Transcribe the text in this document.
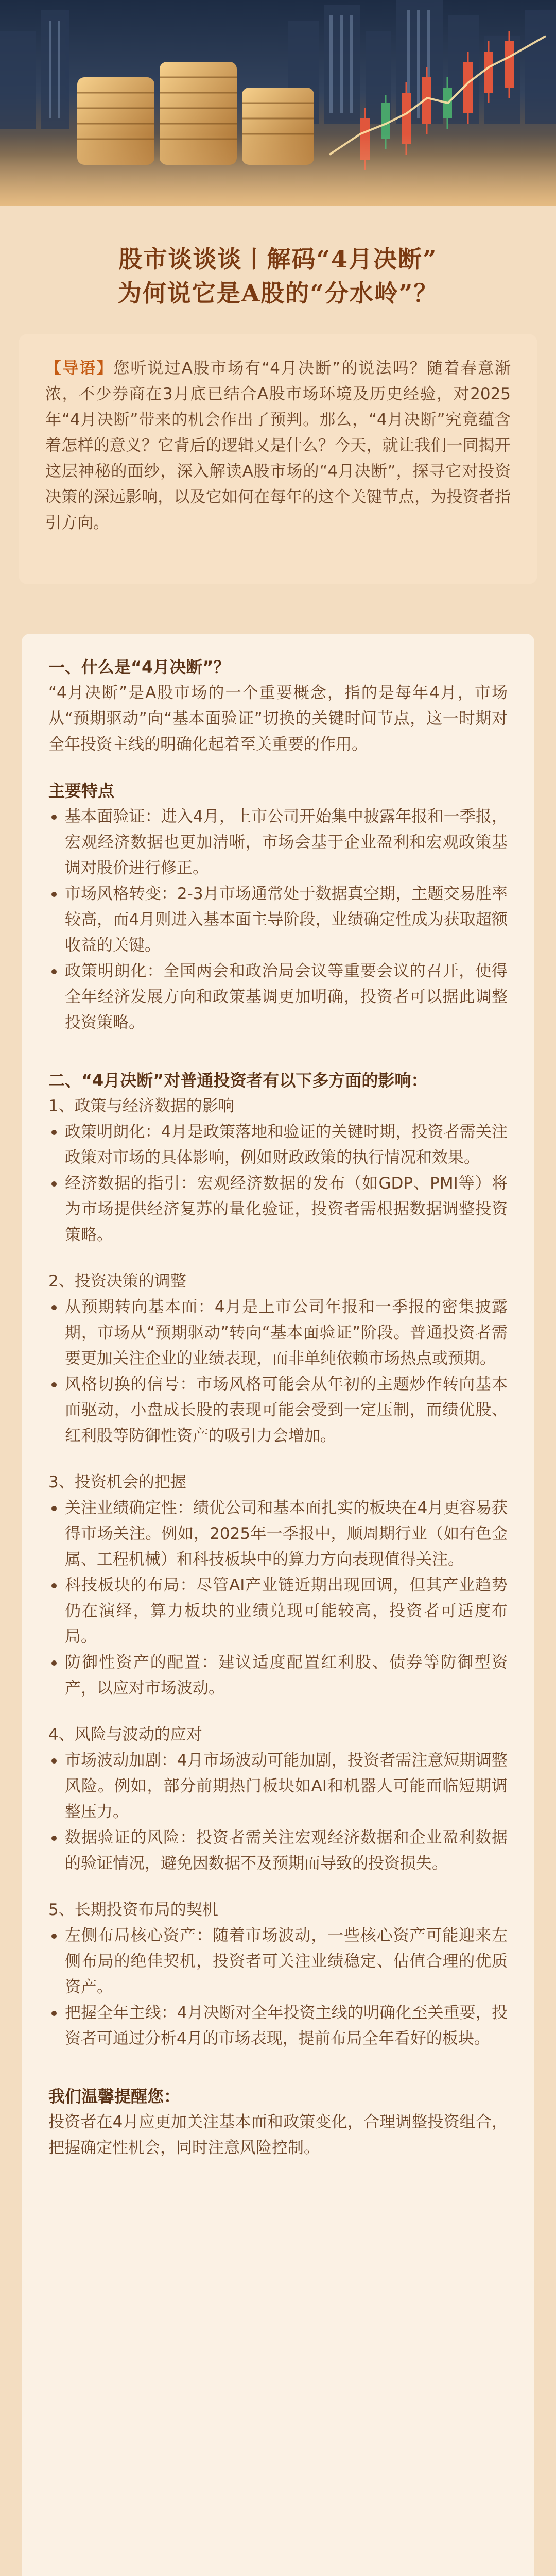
股市谈谈谈丨解码“4月决断”
为何说它是A股的“分水岭”？
【导语】您听说过A股市场有“4月决断”的说法吗？随着春意渐浓，不少券商在3月底已结合A股市场环境及历史经验，对2025年“4月决断”带来的机会作出了预判。那么，“4月决断”究竟蕴含着怎样的意义？它背后的逻辑又是什么？今天，就让我们一同揭开这层神秘的面纱，深入解读A股市场的“4月决断”，探寻它对投资决策的深远影响，以及它如何在每年的这个关键节点，为投资者指引方向。
一、什么是“4月决断”？
“4月决断”是A股市场的一个重要概念，指的是每年4月，市场从“预期驱动”向“基本面验证”切换的关键时间节点，这一时期对全年投资主线的明确化起着至关重要的作用。
主要特点
基本面验证：进入4月，上市公司开始集中披露年报和一季报，宏观经济数据也更加清晰，市场会基于企业盈利和宏观政策基调对股价进行修正。
市场风格转变：2-3月市场通常处于数据真空期，主题交易胜率较高，而4月则进入基本面主导阶段，业绩确定性成为获取超额收益的关键。
政策明朗化：全国两会和政治局会议等重要会议的召开，使得全年经济发展方向和政策基调更加明确，投资者可以据此调整投资策略。
二、“4月决断”对普通投资者有以下多方面的影响：
1、政策与经济数据的影响
政策明朗化：4月是政策落地和验证的关键时期，投资者需关注政策对市场的具体影响，例如财政政策的执行情况和效果。
经济数据的指引：宏观经济数据的发布（如GDP、PMI等）将为市场提供经济复苏的量化验证，投资者需根据数据调整投资策略。
2、投资决策的调整
从预期转向基本面：4月是上市公司年报和一季报的密集披露期，市场从“预期驱动”转向“基本面验证”阶段。普通投资者需要更加关注企业的业绩表现，而非单纯依赖市场热点或预期。
风格切换的信号：市场风格可能会从年初的主题炒作转向基本面驱动，小盘成长股的表现可能会受到一定压制，而绩优股、红利股等防御性资产的吸引力会增加。
3、投资机会的把握
关注业绩确定性：绩优公司和基本面扎实的板块在4月更容易获得市场关注。例如，2025年一季报中，顺周期行业（如有色金属、工程机械）和科技板块中的算力方向表现值得关注。
科技板块的布局：尽管AI产业链近期出现回调，但其产业趋势仍在演绎，算力板块的业绩兑现可能较高，投资者可适度布局。
防御性资产的配置：建议适度配置红利股、债券等防御型资产，以应对市场波动。
4、风险与波动的应对
市场波动加剧：4月市场波动可能加剧，投资者需注意短期调整风险。例如，部分前期热门板块如AI和机器人可能面临短期调整压力。
数据验证的风险：投资者需关注宏观经济数据和企业盈利数据的验证情况，避免因数据不及预期而导致的投资损失。
5、长期投资布局的契机
左侧布局核心资产：随着市场波动，一些核心资产可能迎来左侧布局的绝佳契机，投资者可关注业绩稳定、估值合理的优质资产。
把握全年主线：4月决断对全年投资主线的明确化至关重要，投资者可通过分析4月的市场表现，提前布局全年看好的板块。
我们温馨提醒您：
投资者在4月应更加关注基本面和政策变化，合理调整投资组合，把握确定性机会，同时注意风险控制。
